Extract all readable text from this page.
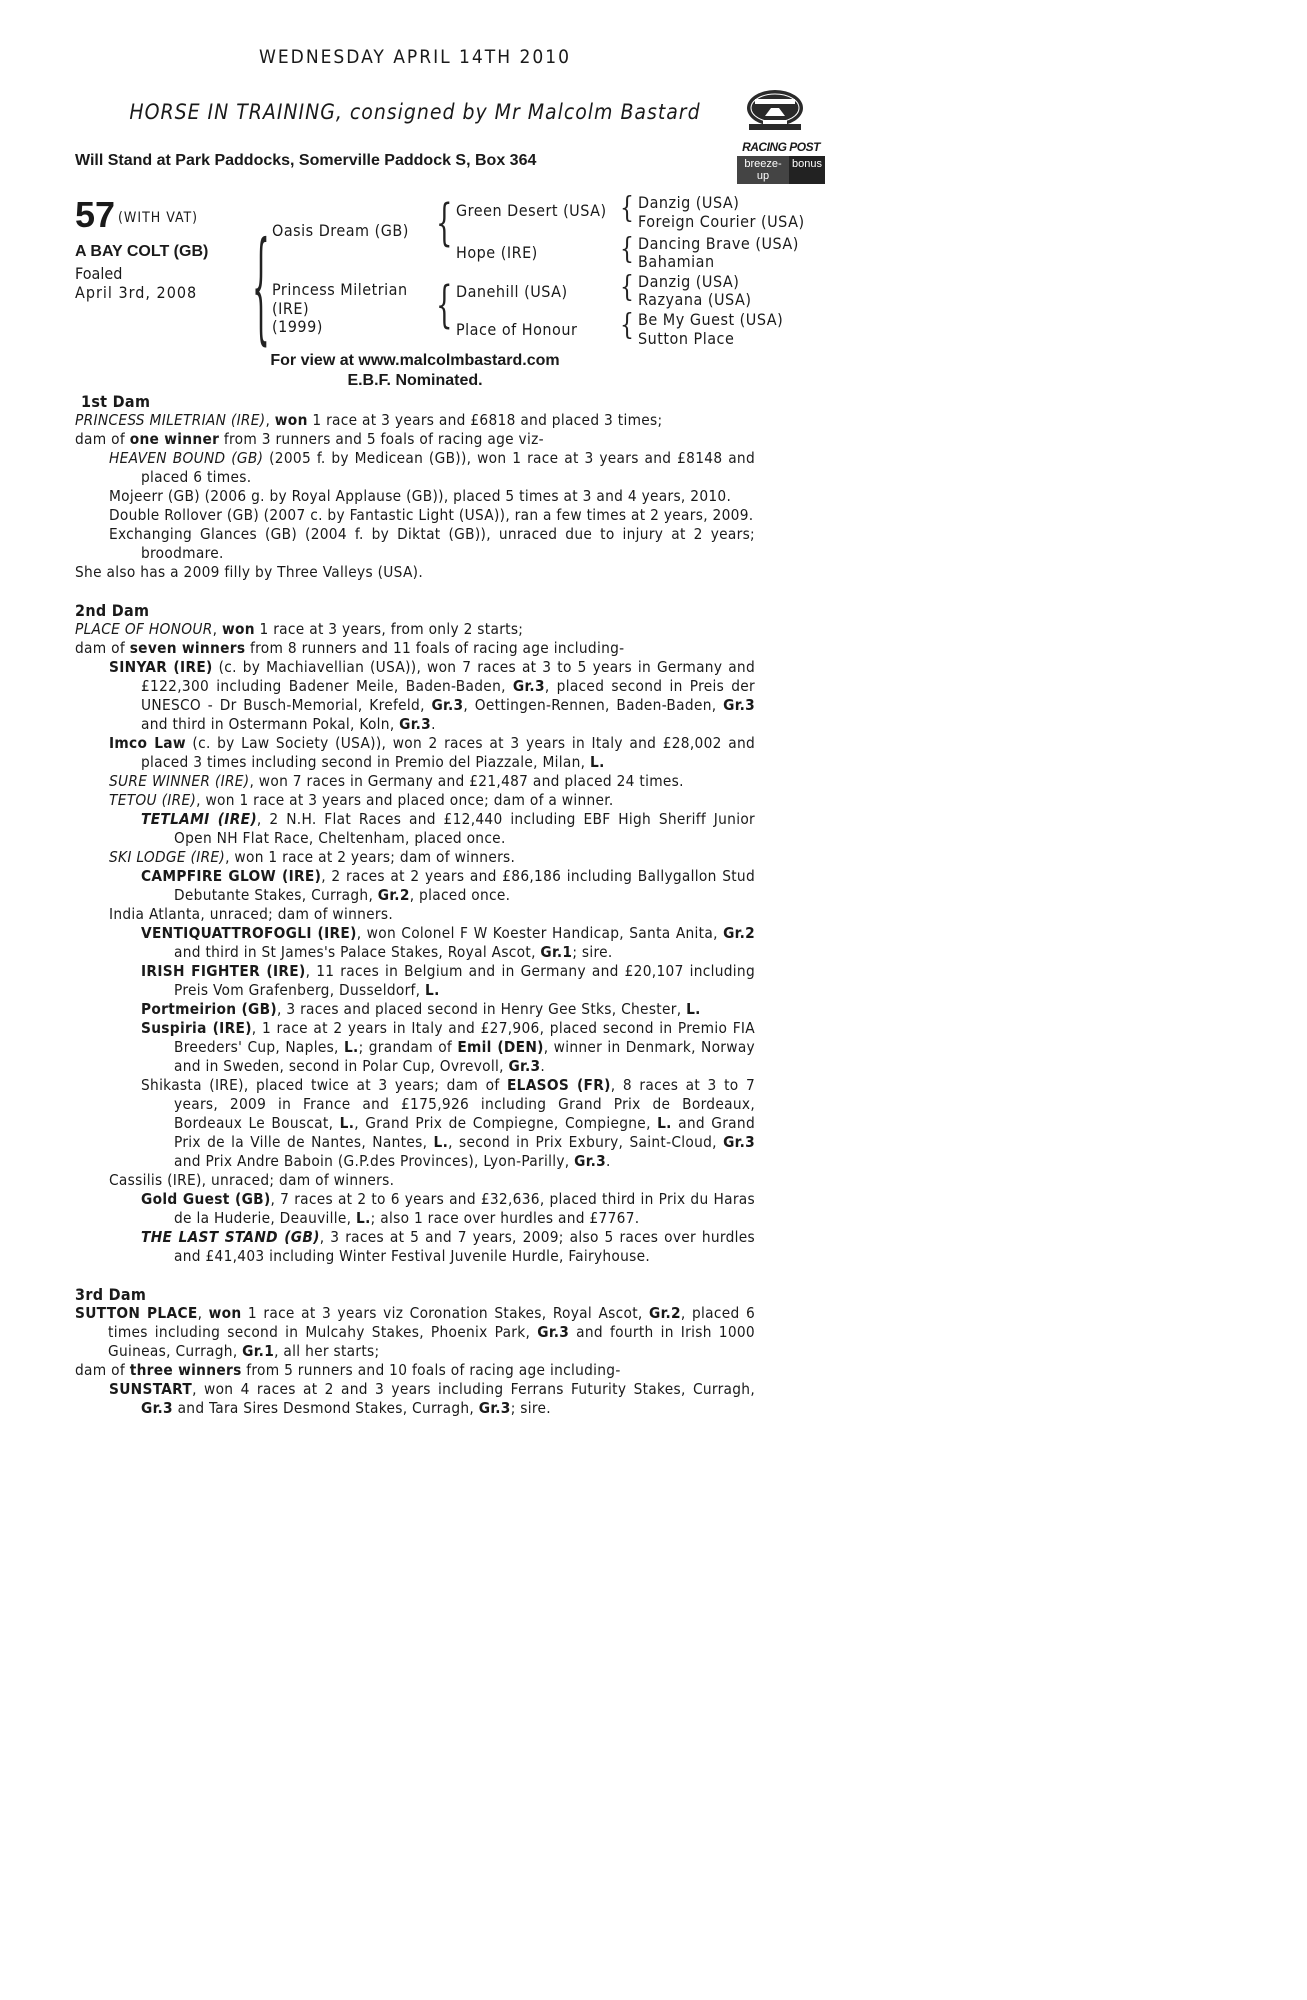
WEDNESDAY APRIL 14TH 2010
HORSE IN TRAINING, consigned by Mr Malcolm Bastard
Will Stand at Park Paddocks, Somerville Paddock S, Box 364
RACING POST
breeze-up
bonus
57 (WITH VAT)
A BAY COLT (GB)
Foaled
April 3rd, 2008 { Oasis Dream (GB)
Princess Miletrian
(IRE)
(1999)
{ Green Desert (USA)
Hope (IRE)
{ Danehill (USA)
Place of Honour
{ Danzig (USA)
Foreign Courier (USA)
{ Dancing Brave (USA)
Bahamian
{ Danzig (USA)
Razyana (USA)
{ Be My Guest (USA)
Sutton Place
For view at www.malcolmbastard.com
E.B.F. Nominated.

1st Dam

PRINCESS MILETRIAN (IRE), won 1 race at 3 years and £6818 and placed 3 times;

dam of one winner from 3 runners and 5 foals of racing age viz-

HEAVEN BOUND (GB) (2005 f. by Medicean (GB)), won 1 race at 3 years and £8148 and placed 6 times.

Mojeerr (GB) (2006 g. by Royal Applause (GB)), placed 5 times at 3 and 4 years, 2010.

Double Rollover (GB) (2007 c. by Fantastic Light (USA)), ran a few times at 2 years, 2009.

Exchanging Glances (GB) (2004 f. by Diktat (GB)), unraced due to injury at 2 years; broodmare.

She also has a 2009 filly by Three Valleys (USA).

2nd Dam

PLACE OF HONOUR, won 1 race at 3 years, from only 2 starts;

dam of seven winners from 8 runners and 11 foals of racing age including-

SINYAR (IRE) (c. by Machiavellian (USA)), won 7 races at 3 to 5 years in Germany and £122,300 including Badener Meile, Baden-Baden, Gr.3, placed second in Preis der UNESCO - Dr Busch-Memorial, Krefeld, Gr.3, Oettingen-Rennen, Baden-Baden, Gr.3 and third in Ostermann Pokal, Koln, Gr.3.

Imco Law (c. by Law Society (USA)), won 2 races at 3 years in Italy and £28,002 and placed 3 times including second in Premio del Piazzale, Milan, L.

SURE WINNER (IRE), won 7 races in Germany and £21,487 and placed 24 times.

TETOU (IRE), won 1 race at 3 years and placed once; dam of a winner.

TETLAMI (IRE), 2 N.H. Flat Races and £12,440 including EBF High Sheriff Junior Open NH Flat Race, Cheltenham, placed once.

SKI LODGE (IRE), won 1 race at 2 years; dam of winners.

CAMPFIRE GLOW (IRE), 2 races at 2 years and £86,186 including Ballygallon Stud Debutante Stakes, Curragh, Gr.2, placed once.

India Atlanta, unraced; dam of winners.

VENTIQUATTROFOGLI (IRE), won Colonel F W Koester Handicap, Santa Anita, Gr.2 and third in St James's Palace Stakes, Royal Ascot, Gr.1; sire.

IRISH FIGHTER (IRE), 11 races in Belgium and in Germany and £20,107 including Preis Vom Grafenberg, Dusseldorf, L.

Portmeirion (GB), 3 races and placed second in Henry Gee Stks, Chester, L.

Suspiria (IRE), 1 race at 2 years in Italy and £27,906, placed second in Premio FIA Breeders' Cup, Naples, L.; grandam of Emil (DEN), winner in Denmark, Norway and in Sweden, second in Polar Cup, Ovrevoll, Gr.3.

Shikasta (IRE), placed twice at 3 years; dam of ELASOS (FR), 8 races at 3 to 7 years, 2009 in France and £175,926 including Grand Prix de Bordeaux, Bordeaux Le Bouscat, L., Grand Prix de Compiegne, Compiegne, L. and Grand Prix de la Ville de Nantes, Nantes, L., second in Prix Exbury, Saint-Cloud, Gr.3 and Prix Andre Baboin (G.P.des Provinces), Lyon-Parilly, Gr.3.

Cassilis (IRE), unraced; dam of winners.

Gold Guest (GB), 7 races at 2 to 6 years and £32,636, placed third in Prix du Haras de la Huderie, Deauville, L.; also 1 race over hurdles and £7767.

THE LAST STAND (GB), 3 races at 5 and 7 years, 2009; also 5 races over hurdles and £41,403 including Winter Festival Juvenile Hurdle, Fairyhouse.

3rd Dam

SUTTON PLACE, won 1 race at 3 years viz Coronation Stakes, Royal Ascot, Gr.2, placed 6 times including second in Mulcahy Stakes, Phoenix Park, Gr.3 and fourth in Irish 1000 Guineas, Curragh, Gr.1, all her starts;

dam of three winners from 5 runners and 10 foals of racing age including-

SUNSTART, won 4 races at 2 and 3 years including Ferrans Futurity Stakes, Curragh, Gr.3 and Tara Sires Desmond Stakes, Curragh, Gr.3; sire.
